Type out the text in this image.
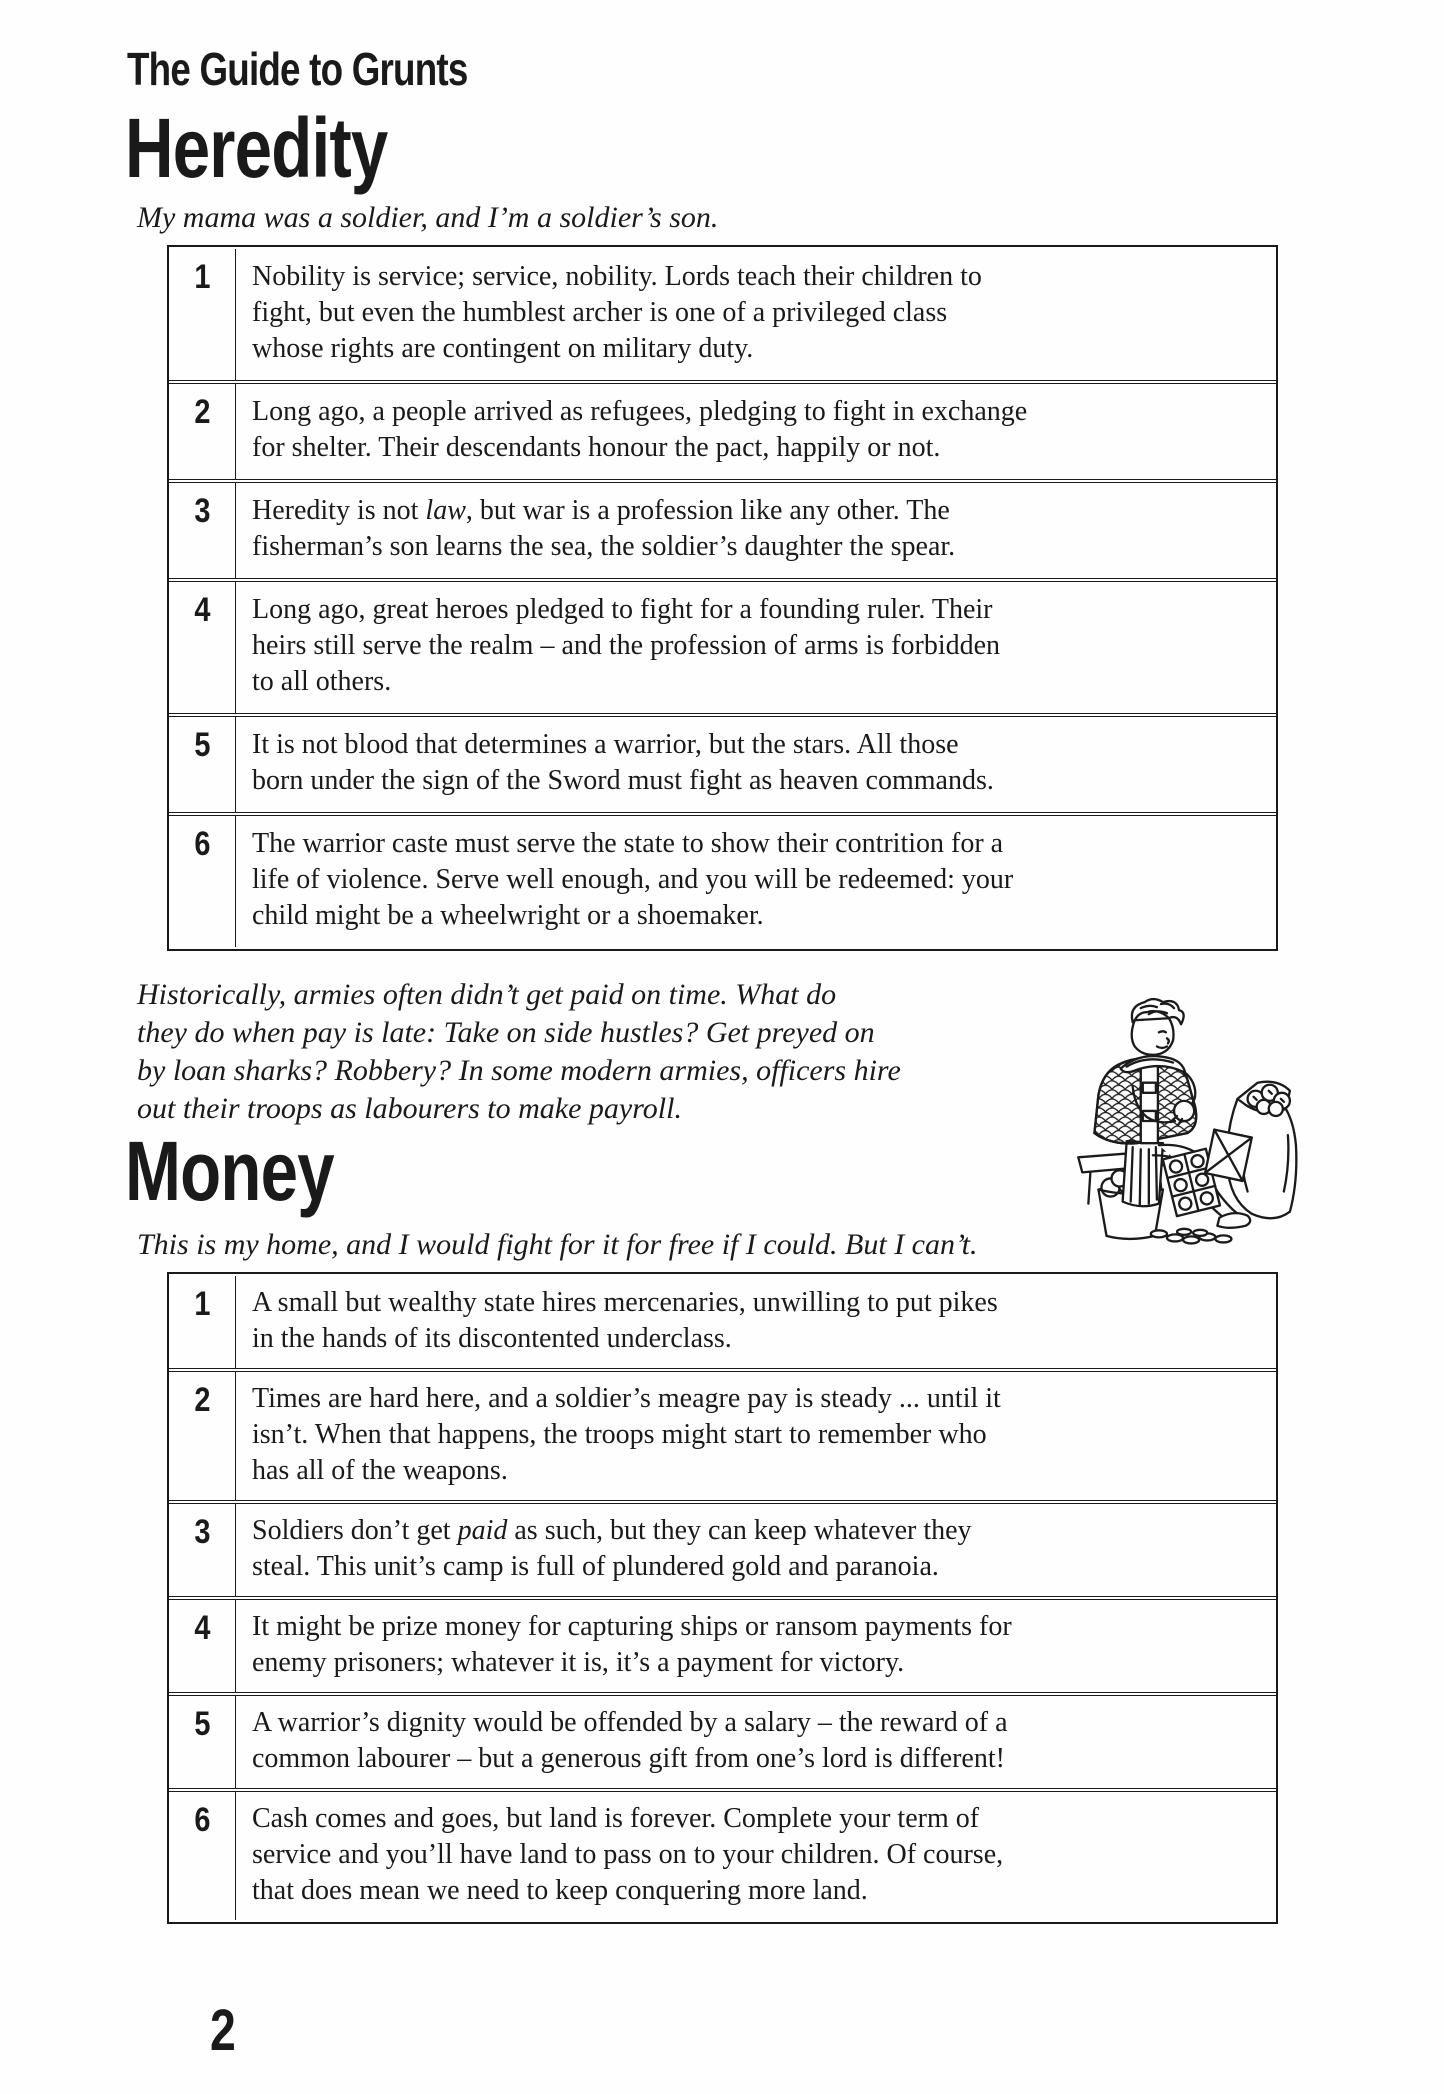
The Guide to Grunts
Heredity
My mama was a soldier, and I’m a soldier’s son.
1	Nobility is service; service, nobility. Lords teach their children to
fight, but even the humblest archer is one of a privileged class
whose rights are contingent on military duty.

2	Long ago, a people arrived as refugees, pledging to fight in exchange
for shelter. Their descendants honour the pact, happily or not.

3	Heredity is not law, but war is a profession like any other. The
fisherman’s son learns the sea, the soldier’s daughter the spear.

4	Long ago, great heroes pledged to fight for a founding ruler. Their
heirs still serve the realm – and the profession of arms is forbidden
to all others.

5	It is not blood that determines a warrior, but the stars. All those
born under the sign of the Sword must fight as heaven commands.

6	The warrior caste must serve the state to show their contrition for a
life of violence. Serve well enough, and you will be redeemed: your
child might be a wheelwright or a shoemaker.
Historically, armies often didn’t get paid on time. What do
they do when pay is late: Take on side hustles? Get preyed on
by loan sharks? Robbery? In some modern armies, officers hire
out their troops as labourers to make payroll.
Money
This is my home, and I would fight for it for free if I could. But I can’t.
1	A small but wealthy state hires mercenaries, unwilling to put pikes
in the hands of its discontented underclass.

2	Times are hard here, and a soldier’s meagre pay is steady ... until it
isn’t. When that happens, the troops might start to remember who
has all of the weapons.

3	Soldiers don’t get paid as such, but they can keep whatever they
steal. This unit’s camp is full of plundered gold and paranoia.

4	It might be prize money for capturing ships or ransom payments for
enemy prisoners; whatever it is, it’s a payment for victory.

5	A warrior’s dignity would be offended by a salary – the reward of a
common labourer – but a generous gift from one’s lord is different!

6	Cash comes and goes, but land is forever. Complete your term of
service and you’ll have land to pass on to your children. Of course,
that does mean we need to keep conquering more land.
2
